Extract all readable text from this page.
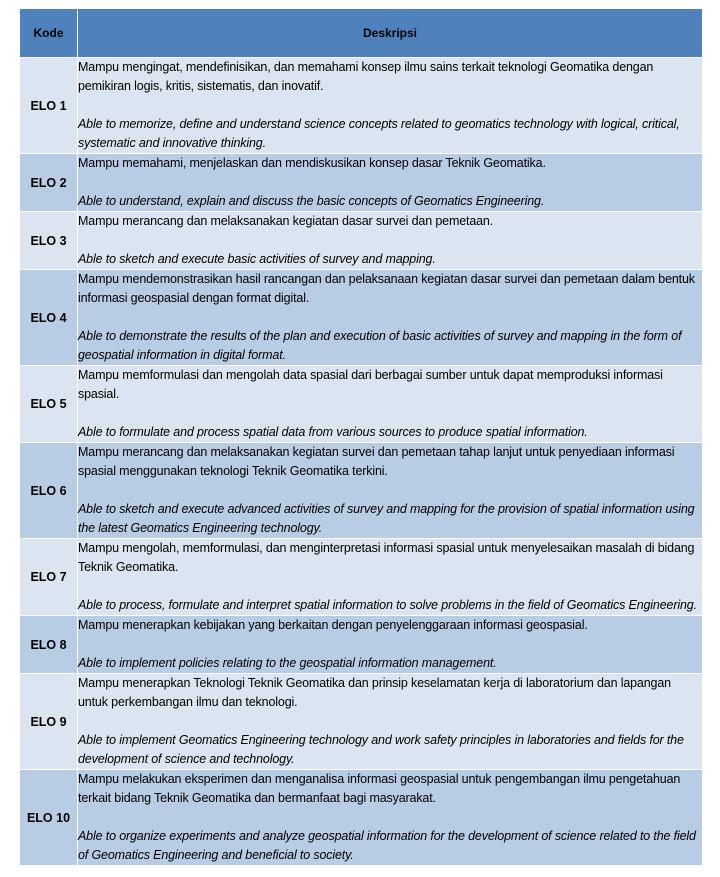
Kode	Deskripsi
ELO 1	Mampu mengingat, mendefinisikan, dan memahami konsep ilmu sains terkait teknologi Geomatika dengan pemikiran logis, kritis, sistematis, dan inovatif.

Able to memorize, define and understand science concepts related to geomatics technology with logical, critical, systematic and innovative thinking.

ELO 2	Mampu memahami, menjelaskan dan mendiskusikan konsep dasar Teknik Geomatika.

Able to understand, explain and discuss the basic concepts of Geomatics Engineering.

ELO 3	Mampu merancang dan melaksanakan kegiatan dasar survei dan pemetaan.

Able to sketch and execute basic activities of survey and mapping.

ELO 4	Mampu mendemonstrasikan hasil rancangan dan pelaksanaan kegiatan dasar survei dan pemetaan dalam bentuk informasi geospasial dengan format digital.

Able to demonstrate the results of the plan and execution of basic activities of survey and mapping in the form of geospatial information in digital format.

ELO 5	Mampu memformulasi dan mengolah data spasial dari berbagai sumber untuk dapat memproduksi informasi spasial.

Able to formulate and process spatial data from various sources to produce spatial information.

ELO 6	Mampu merancang dan melaksanakan kegiatan survei dan pemetaan tahap lanjut untuk penyediaan informasi spasial menggunakan teknologi Teknik Geomatika terkini.

Able to sketch and execute advanced activities of survey and mapping for the provision of spatial information using the latest Geomatics Engineering technology.

ELO 7	Mampu mengolah, memformulasi, dan menginterpretasi informasi spasial untuk menyelesaikan masalah di bidang Teknik Geomatika.

Able to process, formulate and interpret spatial information to solve problems in the field of Geomatics Engineering.

ELO 8	Mampu menerapkan kebijakan yang berkaitan dengan penyelenggaraan informasi geospasial.

Able to implement policies relating to the geospatial information management.

ELO 9	Mampu menerapkan Teknologi Teknik Geomatika dan prinsip keselamatan kerja di laboratorium dan lapangan untuk perkembangan ilmu dan teknologi.

Able to implement Geomatics Engineering technology and work safety principles in laboratories and fields for the development of science and technology.

ELO 10	Mampu melakukan eksperimen dan menganalisa informasi geospasial untuk pengembangan ilmu pengetahuan terkait bidang Teknik Geomatika dan bermanfaat bagi masyarakat.

Able to organize experiments and analyze geospatial information for the development of science related to the field of Geomatics Engineering and beneficial to society.
